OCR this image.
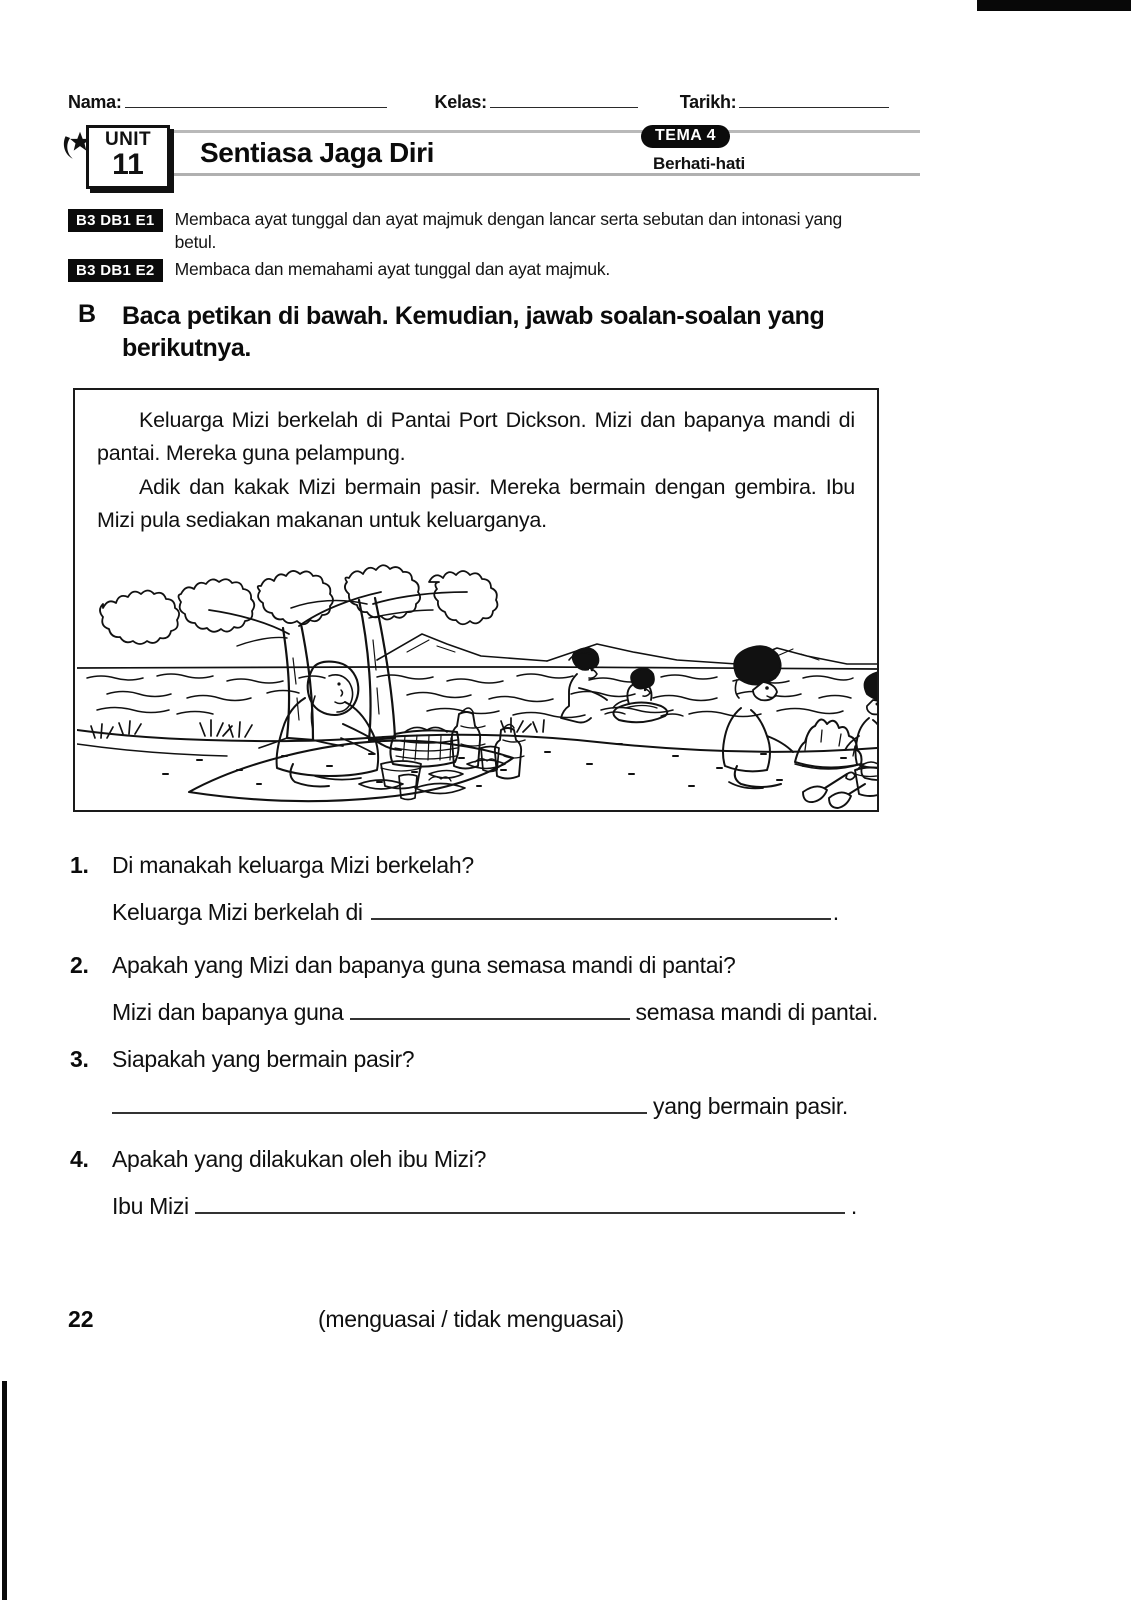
Nama:	Kelas:	Tarikh:
UNIT
11	Sentiasa Jaga Diri
TEMA 4
Berhati-hati
B3 DB1 E1	Membaca ayat tunggal dan ayat majmuk dengan lancar serta sebutan dan intonasi yang betul.
B3 DB1 E2	Membaca dan memahami ayat tunggal dan ayat majmuk.
B	Baca petikan di bawah. Kemudian, jawab soalan-soalan yang berikutnya.

Keluarga Mizi berkelah di Pantai Port Dickson. Mizi dan bapanya mandi di pantai. Mereka guna pelampung.

Adik dan kakak Mizi bermain pasir. Mereka bermain dengan gembira. Ibu Mizi pula sediakan makanan untuk keluarganya.

1.	Di manakah keluarga Mizi berkelah?
Keluarga Mizi berkelah di	.
2.	Apakah yang Mizi dan bapanya guna semasa mandi di pantai?
Mizi dan bapanya guna	semasa mandi di pantai.
3.	Siapakah yang bermain pasir?
yang bermain pasir.
4.	Apakah yang dilakukan oleh ibu Mizi?
Ibu Mizi	.
22	(menguasai / tidak menguasai)
